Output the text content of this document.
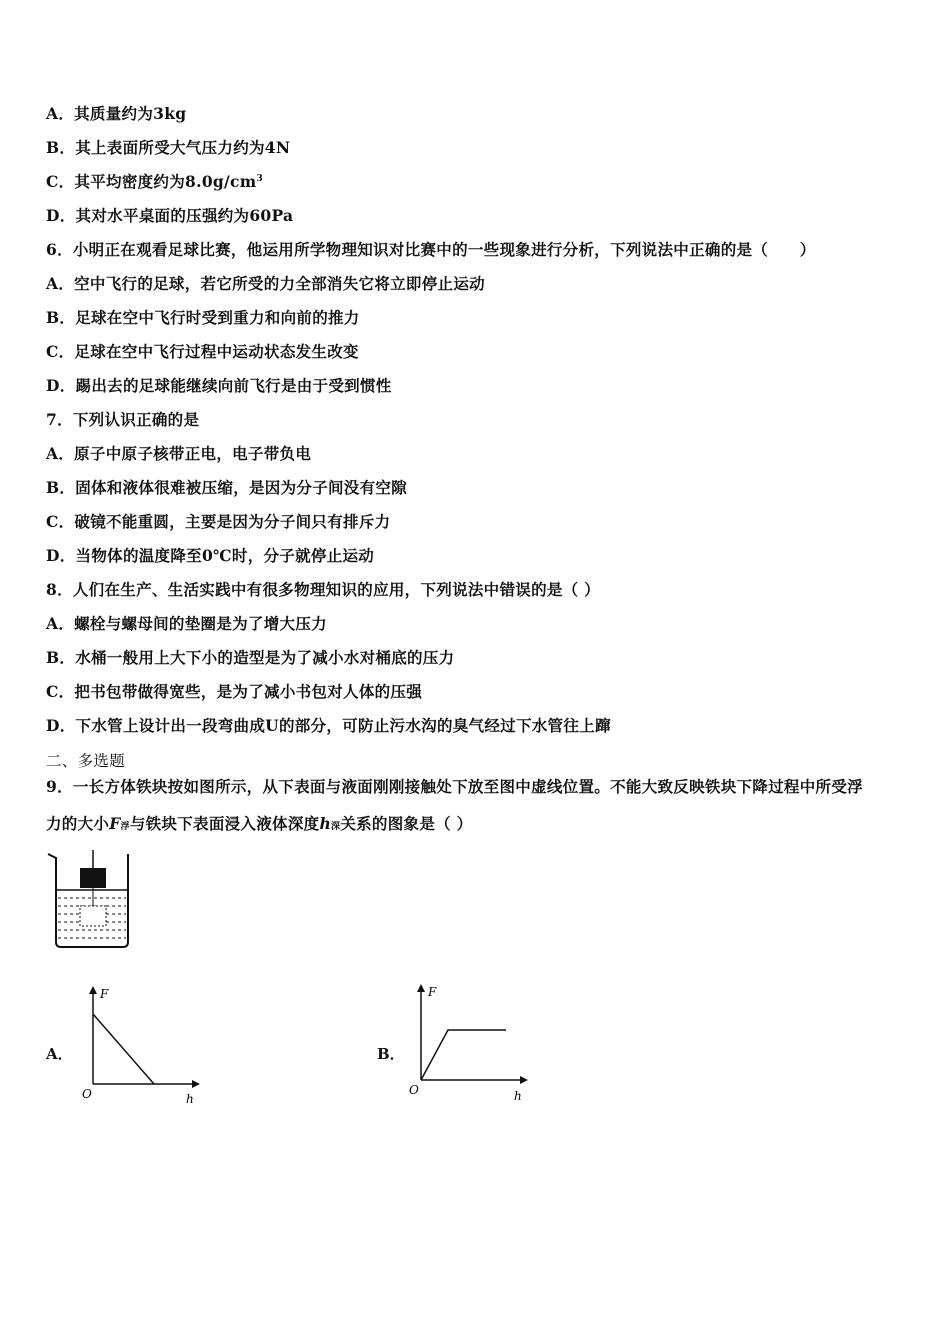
A．其质量约为3kg
B．其上表面所受大气压力约为4N
C．其平均密度约为$8.0g/cm^3$
D．其对水平桌面的压强约为60Pa
6．小明正在观看足球比赛，他运用所学物理知识对比赛中的一些现象进行分析，下列说法中正确的是（　　）
A．空中飞行的足球，若它所受的力全部消失它将立即停止运动
B．足球在空中飞行时受到重力和向前的推力
C．足球在空中飞行过程中运动状态发生改变
D．踢出去的足球能继续向前飞行是由于受到惯性
7．下列认识正确的是
A．原子中原子核带正电，电子带负电
B．固体和液体很难被压缩，是因为分子间没有空隙
C．破镜不能重圆，主要是因为分子间只有排斥力
D．当物体的温度降至0℃时，分子就停止运动
8．人们在生产、生活实践中有很多物理知识的应用，下列说法中错误的是（ ）
A．螺栓与螺母间的垫圈是为了增大压力
B．水桶一般用上大下小的造型是为了减小水对桶底的压力
C．把书包带做得宽些，是为了减小书包对人体的压强
D．下水管上设计出一段弯曲成U的部分，可防止污水沟的臭气经过下水管往上蹿
二、多选题
9．一长方体铁块按如图所示，从下表面与液面刚刚接触处下放至图中虚线位置。不能大致反映铁块下降过程中所受浮
力的大小F浮与铁块下表面浸入液体深度h深关系的图象是（ ）
A．
F
O	h
B．
F
O	h
